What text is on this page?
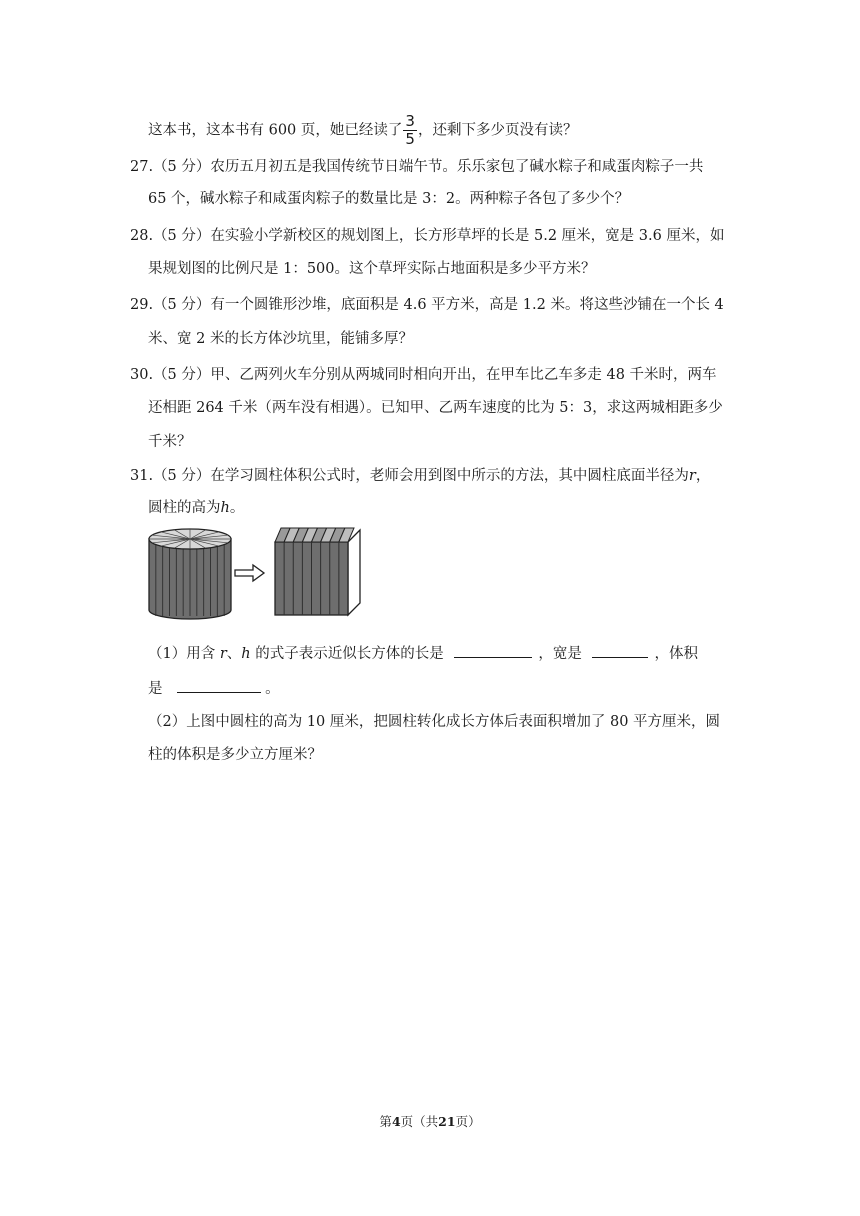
这本书，这本书有 600 页，她已经读了 $\frac{3}{5}$ ，还剩下多少页没有读？
27.（5 分）农历五月初五是我国传统节日端午节。乐乐家包了碱水粽子和咸蛋肉粽子一共
65 个，碱水粽子和咸蛋肉粽子的数量比是 3：2。两种粽子各包了多少个？
28.（5 分）在实验小学新校区的规划图上，长方形草坪的长是 5.2 厘米，宽是 3.6 厘米，如
果规划图的比例尺是 1：500。这个草坪实际占地面积是多少平方米？
29.（5 分）有一个圆锥形沙堆，底面积是 4.6 平方米，高是 1.2 米。将这些沙铺在一个长 4
米、宽 2 米的长方体沙坑里，能铺多厚？
30.（5 分）甲、乙两列火车分别从两城同时相向开出，在甲车比乙车多走 48 千米时，两车
还相距 264 千米（两车没有相遇）。已知甲、乙两车速度的比为 5：3，求这两城相距多少
千米？
31.（5 分）在学习圆柱体积公式时，老师会用到图中所示的方法，其中圆柱底面半径为r，
圆柱的高为h。
（1）用含 r、h 的式子表示近似长方体的长是	，宽是	，体积
是	。
（2）上图中圆柱的高为 10 厘米，把圆柱转化成长方体后表面积增加了 80 平方厘米，圆
柱的体积是多少立方厘米？
第4页（共21页）
